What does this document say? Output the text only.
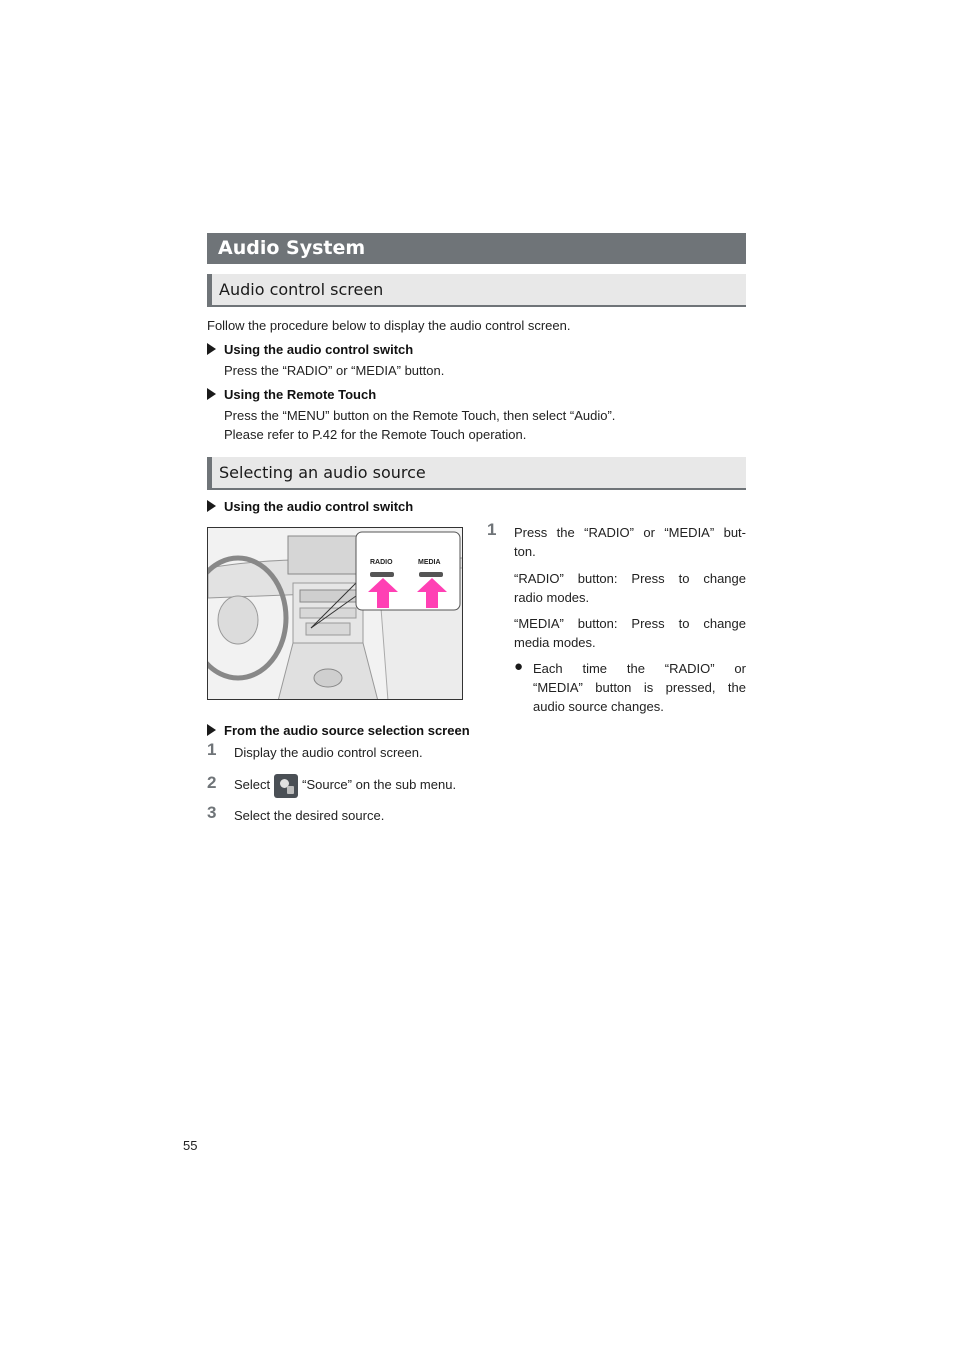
Audio System
Audio control screen
Follow the procedure below to display the audio control screen.
Using the audio control switch
Press the “RADIO” or “MEDIA” button.
Using the Remote Touch
Press the “MENU” button on the Remote Touch, then select “Audio”.
Please refer to P.42 for the Remote Touch operation.
Selecting an audio source
Using the audio control switch
RADIO	MEDIA
1 Press the “RADIO” or “MEDIA” but-
ton.
“RADIO” button: Press to change
radio modes.
“MEDIA” button: Press to change
media modes.
● Each time the “RADIO” or
“MEDIA” button is pressed, the
audio source changes.
From the audio source selection screen
1 Display the audio control screen.
2 Select “Source” on the sub menu.
3 Select the desired source.
55
